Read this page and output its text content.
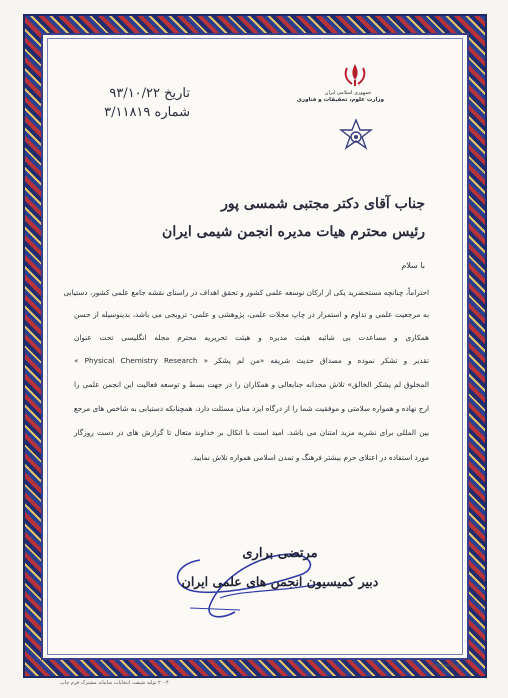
جمهوری اسلامی ایران
وزارت علوم، تحقیقات و فناوری
تاریخ ۹۳/۱۰/۲۲
شماره ۳/۱۱۸۱۹
جناب آقای دکتر مجتبی شمسی پور
رئیس محترم هیات مدیره انجمن شیمی ایران
با سلام
احتراماً، چنانچه مستحضرید یکی از ارکان توسعه علمی کشور و تحقق اهداف در راستای نقشه جامع علمی کشور، دستیابی
به مرجعیت علمی و تداوم و استمرار در چاپ مجلات علمی، پژوهشی و علمی- ترویجی می باشد، بدینوسیله از حسن
همکاری و مساعدت بی شائبه هیئت مدیره و هیئت تحریریه محترم مجله انگلیسی تحت عنوان
« Physical Chemistry Research » تقدیر و تشکر نموده و مصداق حدیث شریفه «من لم یشکر
المخلوق لم یشکر الخالق» تلاش مجدانه جنابعالی و همکاران را در جهت بسط و توسعه فعالیت این انجمن علمی را
ارج نهاده و همواره سلامتی و موفقیت شما را از درگاه ایزد منان مسئلت دارد، همچنانکه دستیابی به شاخص های مرجع
بین المللی برای نشریه مزید امتنان می باشد. امید است با اتکال بر خداوند متعال تا گزارش های در دست روزگار
مورد استفاده در اعتلای حرم بیشتر فرهنگ و تمدن اسلامی همواره تلاش نمایید.
مرتضی براری
دبیر کمیسیون انجمن های علمی ایران
۲۰۰۴ تولید شیفت انتخابات سامانه مشترک فرم چاپ
www.hefir.ir
